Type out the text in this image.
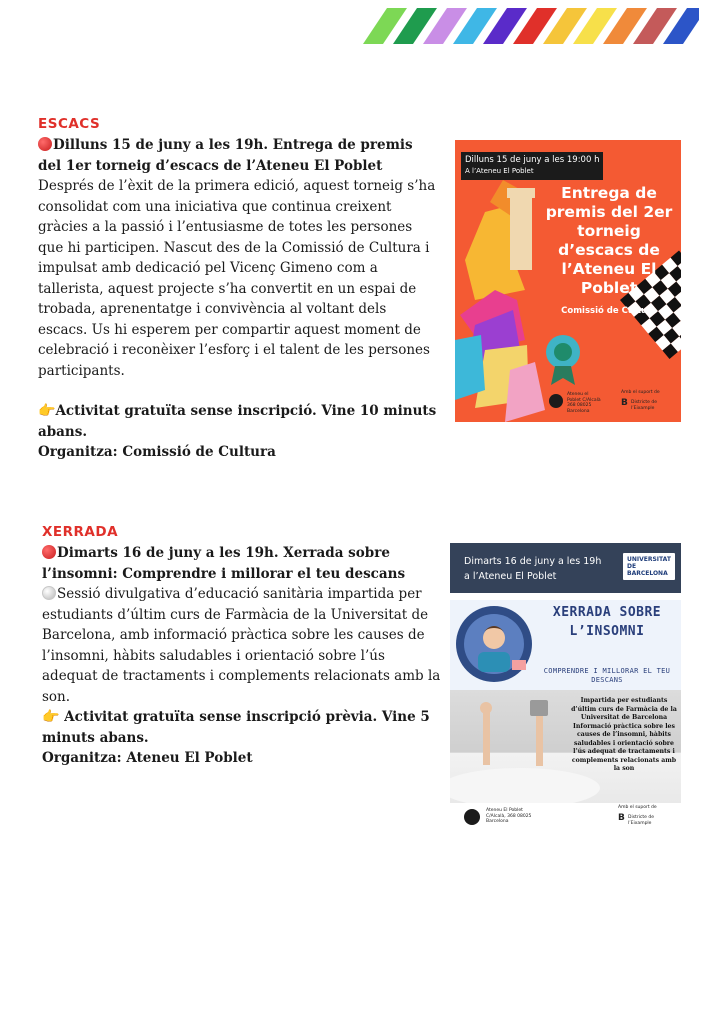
ESCACS
Dilluns 15 de juny a les 19h. Entrega de premis del 1er torneig d’escacs de l’Ateneu El Poblet
Després de l’èxit de la primera edició, aquest torneig s’ha consolidat com una iniciativa que continua creixent gràcies a la passió i l’entusiasme de totes les persones que hi participen. Nascut des de la Comissió de Cultura i impulsat amb dedicació pel Vicenç Gimeno com a tallerista, aquest projecte s’ha convertit en un espai de trobada, aprenentatge i convivència al voltant dels escacs. Us hi esperem per compartir aquest moment de celebració i reconèixer l’esforç i el talent de les persones participants.
👉Activitat gratuïta sense inscripció. Vine 10 minuts abans.
Organitza: Comissió de Cultura
Dilluns 15 de juny a les 19:00 h
A l’Ateneu El Poblet
Entrega de premis del 2er torneig d’escacs de l’Ateneu El Poblet
Comissió de Cultura
Ateneu el Poblet C/Alcalà 368 08025 Barcelona
Amb el suport de
B Districte de l’Eixample
XERRADA
Dimarts 16 de juny a les 19h. Xerrada sobre l’insomni: Comprendre i millorar el teu descans
Sessió divulgativa d’educació sanitària impartida per estudiants d’últim curs de Farmàcia de la Universitat de Barcelona, amb informació pràctica sobre les causes de l’insomni, hàbits saludables i orientació sobre l’ús adequat de tractaments i complements relacionats amb la son.
👉 Activitat gratuïta sense inscripció prèvia. Vine 5 minuts abans.
Organitza: Ateneu El Poblet
Dimarts 16 de juny a les 19h
a l’Ateneu El Poblet
UNIVERSITAT DE BARCELONA
XERRADA SOBRE L’INSOMNI
COMPRENDRE I MILLORAR EL TEU DESCANS
Impartida per estudiants d’últim curs de Farmàcia de la Universitat de Barcelona Informació pràctica sobre les causes de l’insomni, hàbits saludables i orientació sobre l’ús adequat de tractaments i complements relacionats amb la son
Ateneu El Poblet C/Alcalà, 368 08025 Barcelona
Amb el suport de
B Districte de l’Eixample
